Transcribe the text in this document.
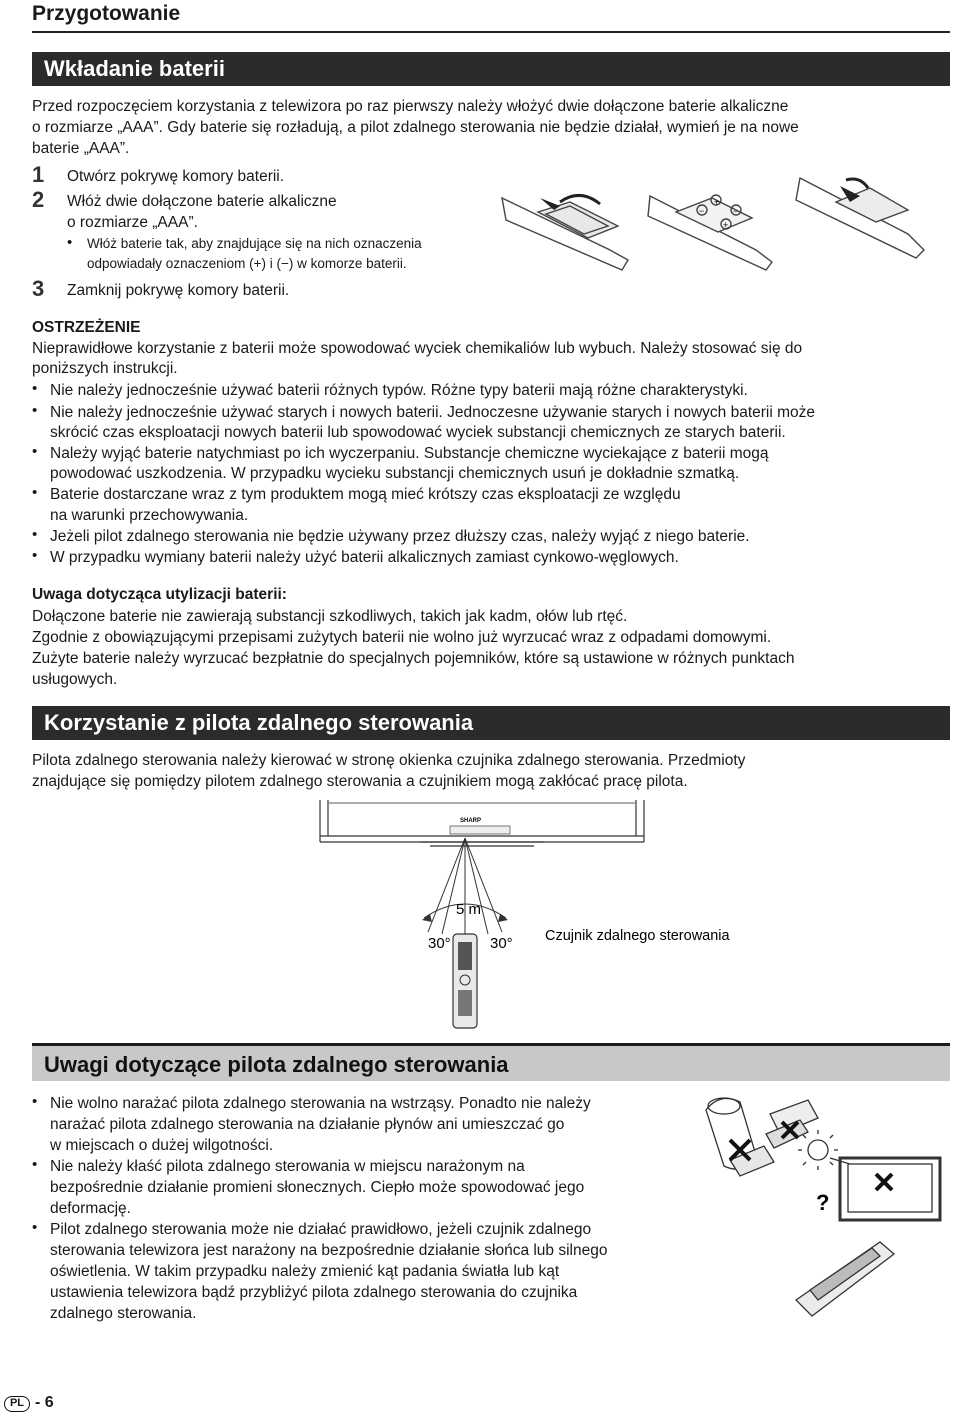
Przygotowanie
Wkładanie baterii
Przed rozpoczęciem korzystania z telewizora po raz pierwszy należy włożyć dwie dołączone baterie alkaliczne
o rozmiarze „AAA”. Gdy baterie się rozładują, a pilot zdalnego sterowania nie będzie działał, wymień je na nowe
baterie „AAA”.
1 Otwórz pokrywę komory baterii.
2 Włóż dwie dołączone baterie alkaliczne
o rozmiarze „AAA”.
• Włóż baterie tak, aby znajdujące się na nich oznaczenia
odpowiadały oznaczeniom (+) i (−) w komorze baterii.
3 Zamknij pokrywę komory baterii.
+
−
−
+
OSTRZEŻENIE
Nieprawidłowe korzystanie z baterii może spowodować wyciek chemikaliów lub wybuch. Należy stosować się do
poniższych instrukcji.
• Nie należy jednocześnie używać baterii różnych typów. Różne typy baterii mają różne charakterystyki.
• Nie należy jednocześnie używać starych i nowych baterii. Jednoczesne używanie starych i nowych baterii może
skrócić czas eksploatacji nowych baterii lub spowodować wyciek substancji chemicznych ze starych baterii.
• Należy wyjąć baterie natychmiast po ich wyczerpaniu. Substancje chemiczne wyciekające z baterii mogą
powodować uszkodzenia. W przypadku wycieku substancji chemicznych usuń je dokładnie szmatką.
• Baterie dostarczane wraz z tym produktem mogą mieć krótszy czas eksploatacji ze względu
na warunki przechowywania.
• Jeżeli pilot zdalnego sterowania nie będzie używany przez dłuższy czas, należy wyjąć z niego baterie.
• W przypadku wymiany baterii należy użyć baterii alkalicznych zamiast cynkowo-węglowych.
Uwaga dotycząca utylizacji baterii:
Dołączone baterie nie zawierają substancji szkodliwych, takich jak kadm, ołów lub rtęć.
Zgodnie z obowiązującymi przepisami zużytych baterii nie wolno już wyrzucać wraz z odpadami domowymi.
Zużyte baterie należy wyrzucać bezpłatnie do specjalnych pojemników, które są ustawione w różnych punktach
usługowych.
Korzystanie z pilota zdalnego sterowania
Pilota zdalnego sterowania należy kierować w stronę okienka czujnika zdalnego sterowania. Przedmioty
znajdujące się pomiędzy pilotem zdalnego sterowania a czujnikiem mogą zakłócać pracę pilota.
SHARP
5 m
30°	30° Czujnik zdalnego sterowania
Uwagi dotyczące pilota zdalnego sterowania
• Nie wolno narażać pilota zdalnego sterowania na wstrząsy. Ponadto nie należy
narażać pilota zdalnego sterowania na działanie płynów ani umieszczać go
w miejscach o dużej wilgotności.
• Nie należy kłaść pilota zdalnego sterowania w miejscu narażonym na
bezpośrednie działanie promieni słonecznych. Ciepło może spowodować jego
deformację.
• Pilot zdalnego sterowania może nie działać prawidłowo, jeżeli czujnik zdalnego
sterowania telewizora jest narażony na bezpośrednie działanie słońca lub silnego
oświetlenia. W takim przypadku należy zmienić kąt padania światła lub kąt
ustawienia telewizora bądź przybliżyć pilota zdalnego sterowania do czujnika
zdalnego sterowania.
?
PL - 6
